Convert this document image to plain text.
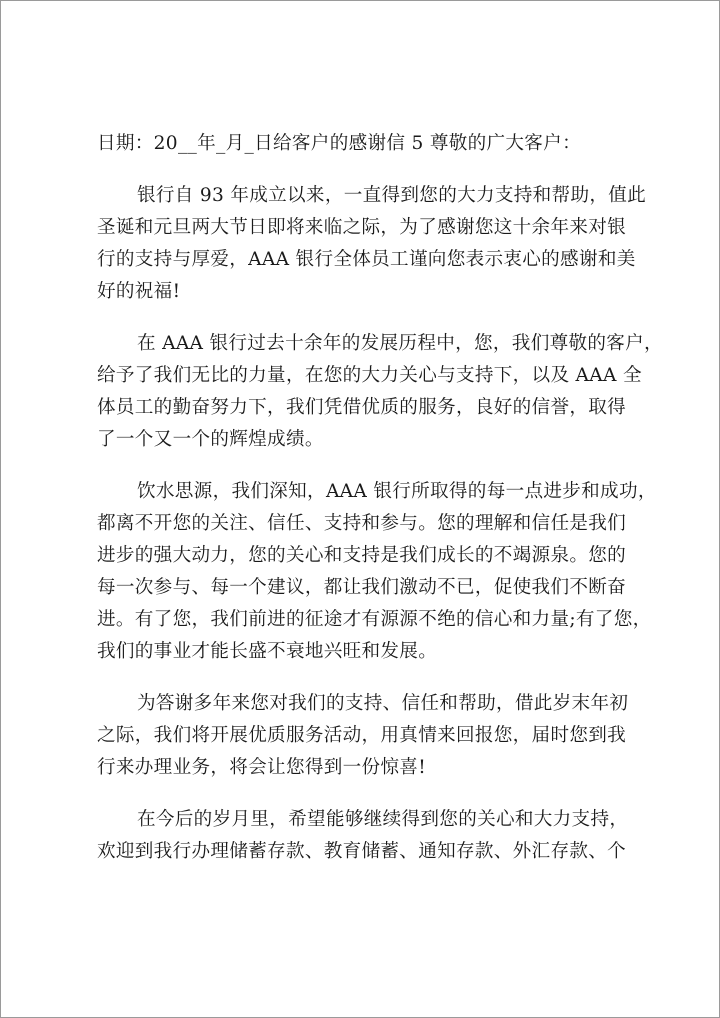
日期：20__年_月_日给客户的感谢信 5 尊敬的广大客户：
银行自 93 年成立以来，一直得到您的大力支持和帮助，值此
圣诞和元旦两大节日即将来临之际，为了感谢您这十余年来对银
行的支持与厚爱，AAA 银行全体员工谨向您表示衷心的感谢和美
好的祝福!
在 AAA 银行过去十余年的发展历程中，您，我们尊敬的客户，
给予了我们无比的力量，在您的大力关心与支持下，以及 AAA 全
体员工的勤奋努力下，我们凭借优质的服务，良好的信誉，取得
了一个又一个的辉煌成绩。
饮水思源，我们深知，AAA 银行所取得的每一点进步和成功，
都离不开您的关注、信任、支持和参与。您的理解和信任是我们
进步的强大动力，您的关心和支持是我们成长的不竭源泉。您的
每一次参与、每一个建议，都让我们激动不已，促使我们不断奋
进。有了您，我们前进的征途才有源源不绝的信心和力量;有了您，
我们的事业才能长盛不衰地兴旺和发展。
为答谢多年来您对我们的支持、信任和帮助，借此岁末年初
之际，我们将开展优质服务活动，用真情来回报您，届时您到我
行来办理业务，将会让您得到一份惊喜!
在今后的岁月里，希望能够继续得到您的关心和大力支持，
欢迎到我行办理储蓄存款、教育储蓄、通知存款、外汇存款、个
